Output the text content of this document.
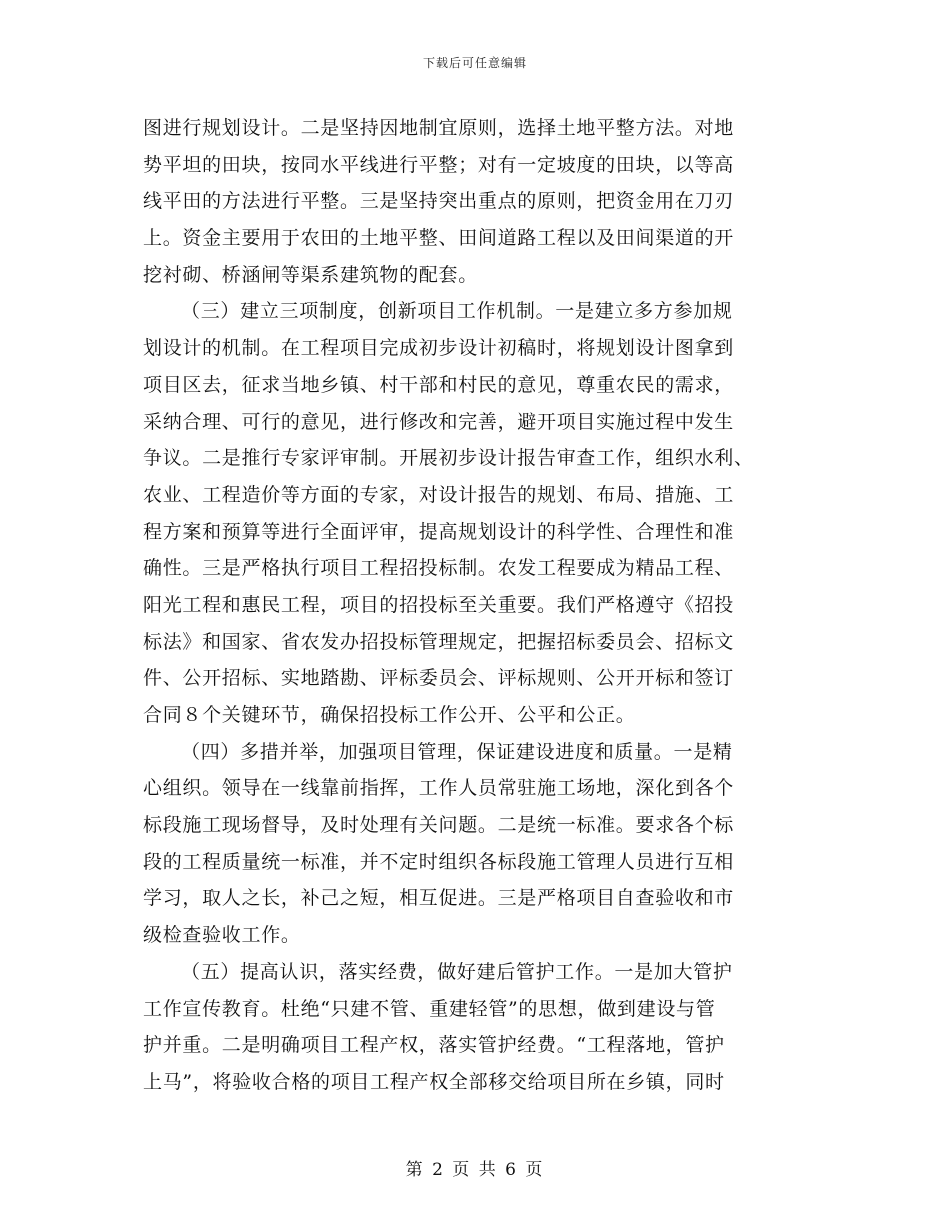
下载后可任意编辑
图进行规划设计。二是坚持因地制宜原则，选择土地平整方法。对地
势平坦的田块，按同水平线进行平整；对有一定坡度的田块，以等高
线平田的方法进行平整。三是坚持突出重点的原则，把资金用在刀刃
上。资金主要用于农田的土地平整、田间道路工程以及田间渠道的开
挖衬砌、桥涵闸等渠系建筑物的配套。
（三）建立三项制度，创新项目工作机制。一是建立多方参加规
划设计的机制。在工程项目完成初步设计初稿时，将规划设计图拿到
项目区去，征求当地乡镇、村干部和村民的意见，尊重农民的需求，
采纳合理、可行的意见，进行修改和完善，避开项目实施过程中发生
争议。二是推行专家评审制。开展初步设计报告审查工作，组织水利、
农业、工程造价等方面的专家，对设计报告的规划、布局、措施、工
程方案和预算等进行全面评审，提高规划设计的科学性、合理性和准
确性。三是严格执行项目工程招投标制。农发工程要成为精品工程、
阳光工程和惠民工程，项目的招投标至关重要。我们严格遵守《招投
标法》和国家、省农发办招投标管理规定，把握招标委员会、招标文
件、公开招标、实地踏勘、评标委员会、评标规则、公开开标和签订
合同８个关键环节，确保招投标工作公开、公平和公正。
（四）多措并举，加强项目管理，保证建设进度和质量。一是精
心组织。领导在一线靠前指挥，工作人员常驻施工场地，深化到各个
标段施工现场督导，及时处理有关问题。二是统一标准。要求各个标
段的工程质量统一标准，并不定时组织各标段施工管理人员进行互相
学习，取人之长，补己之短，相互促进。三是严格项目自查验收和市
级检查验收工作。
（五）提高认识，落实经费，做好建后管护工作。一是加大管护
工作宣传教育。杜绝“只建不管、重建轻管”的思想，做到建设与管
护并重。二是明确项目工程产权，落实管护经费。“工程落地，管护
上马”，将验收合格的项目工程产权全部移交给项目所在乡镇，同时
第 2 页 共 6 页
